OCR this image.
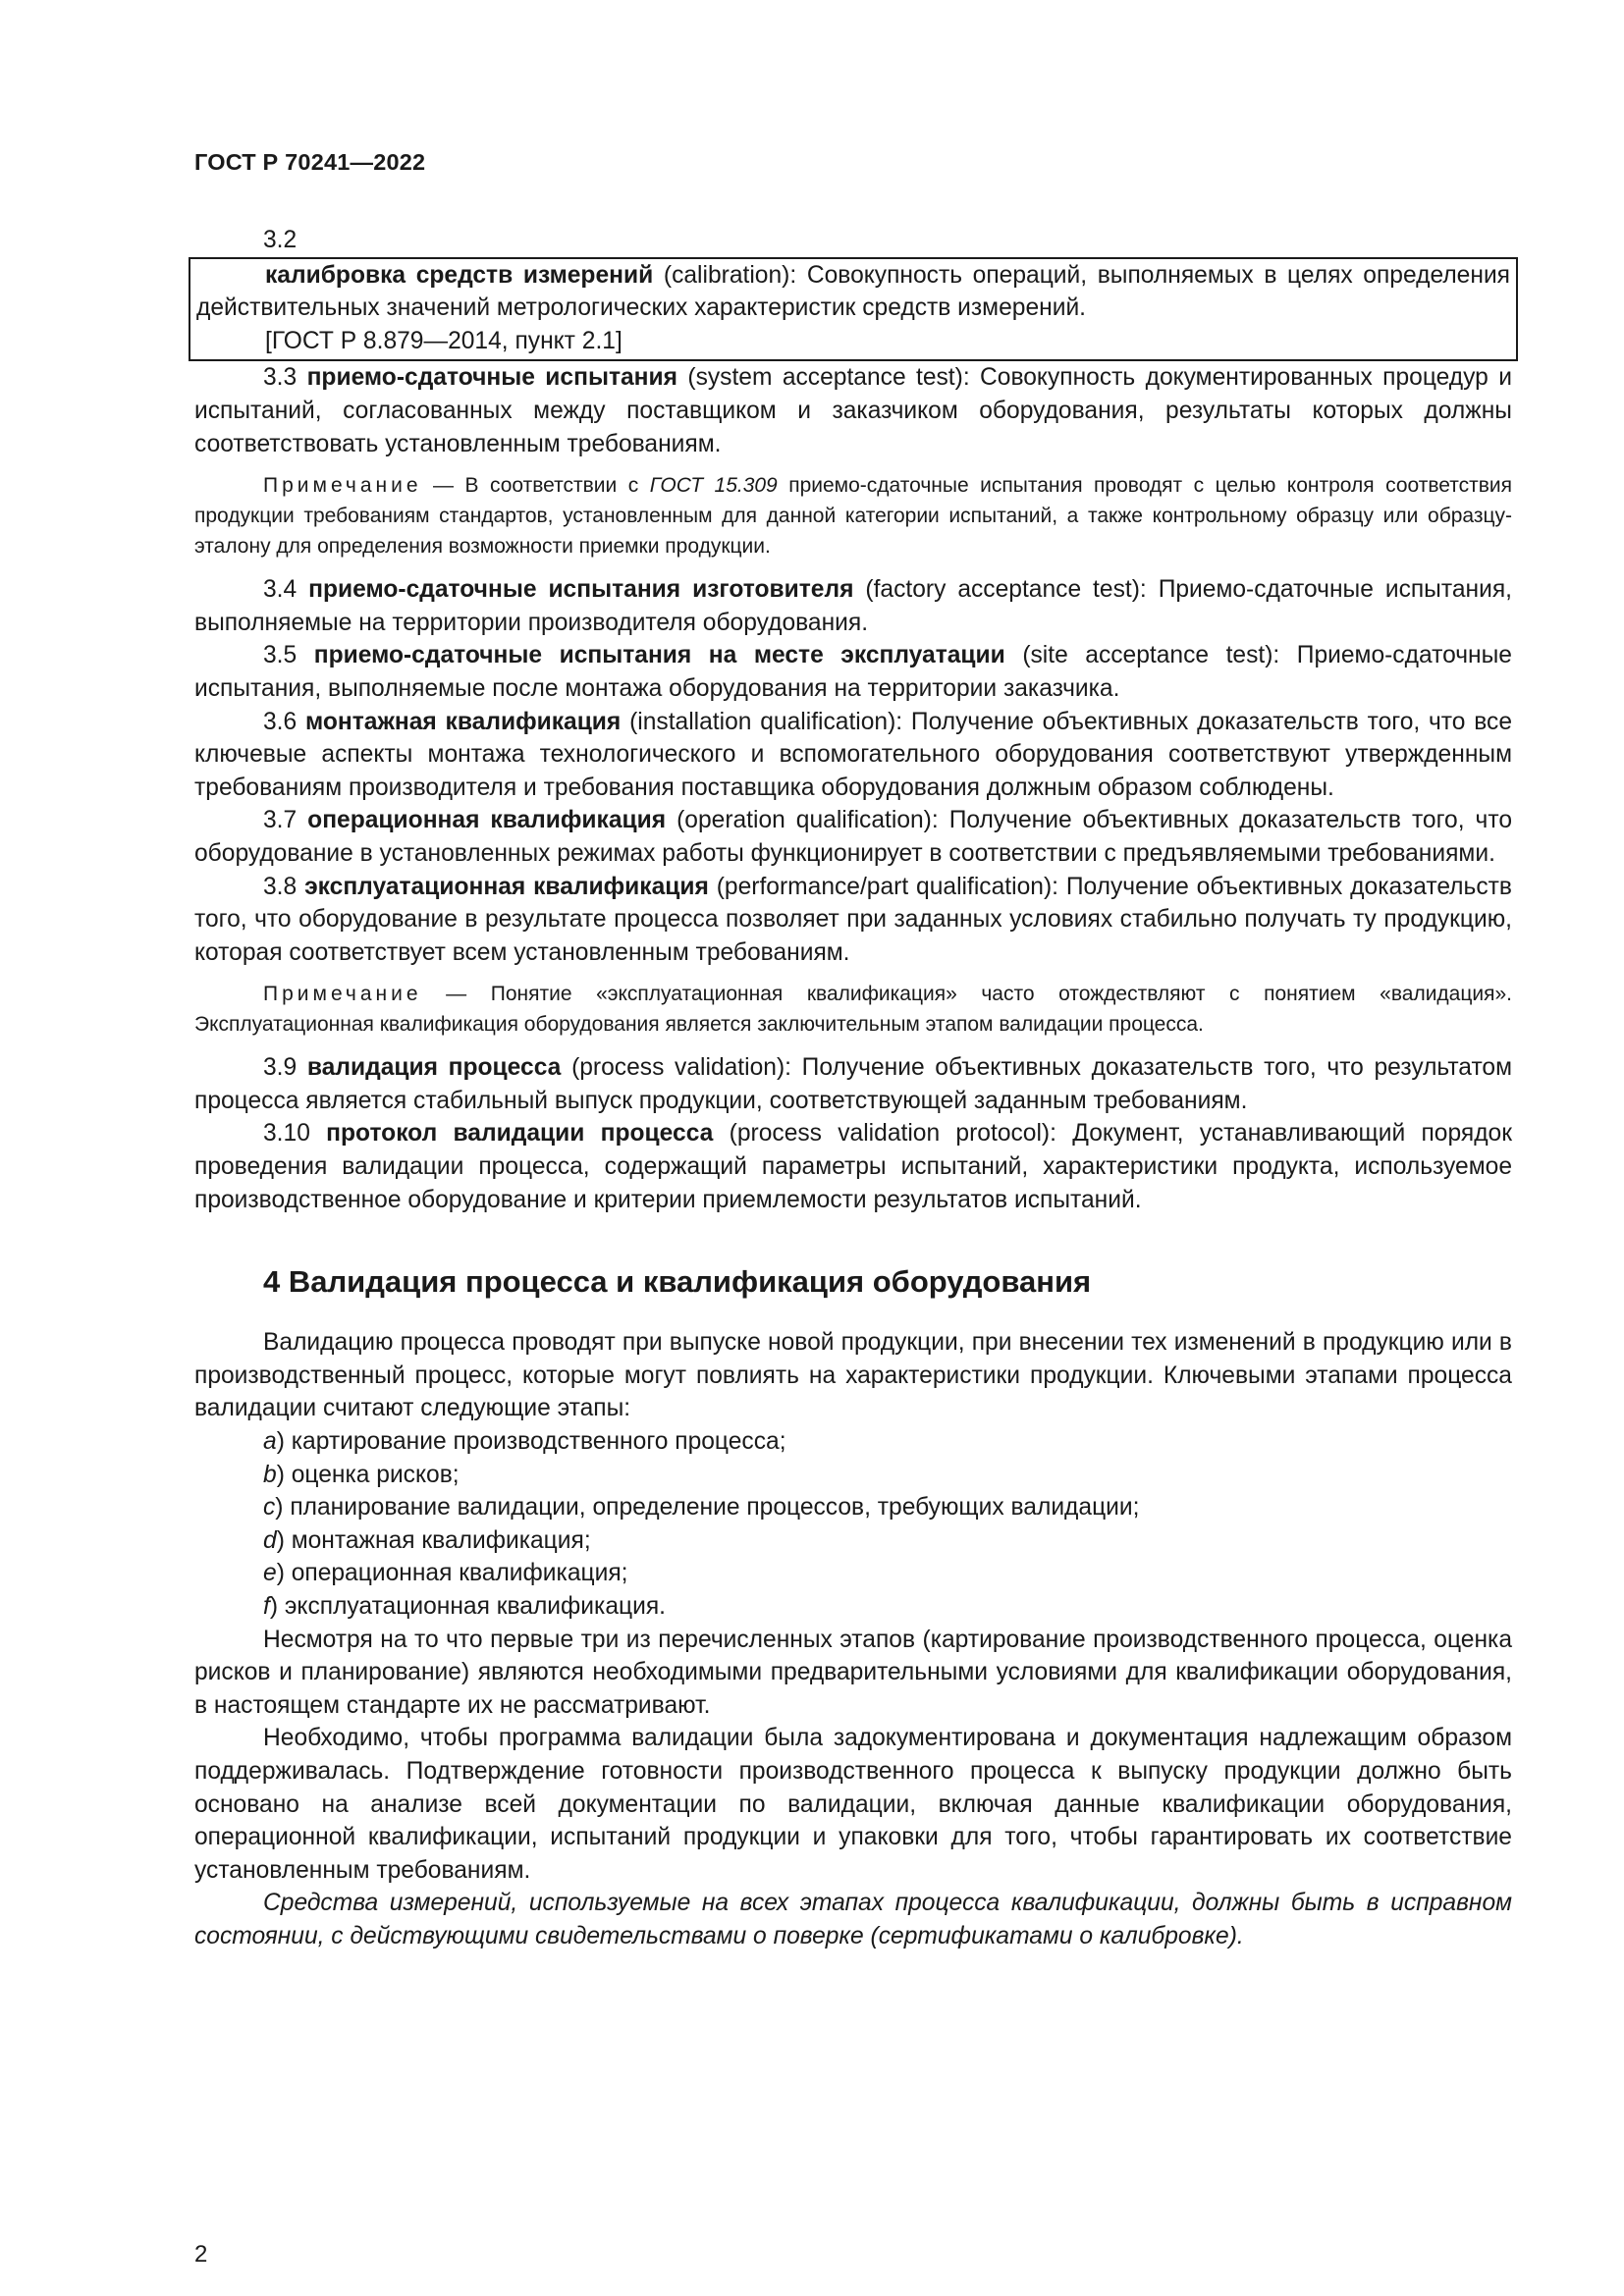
ГОСТ Р 70241—2022

3.2

калибровка средств измерений (calibration): Совокупность операций, выполняемых в целях определения действительных значений метрологических характеристик средств измерений.

[ГОСТ Р 8.879—2014, пункт 2.1]

3.3 приемо-сдаточные испытания (system acceptance test): Совокупность документированных процедур и испытаний, согласованных между поставщиком и заказчиком оборудования, результаты которых должны соответствовать установленным требованиям.

Примечание — В соответствии с ГОСТ 15.309 приемо-сдаточные испытания проводят с целью контроля соответствия продукции требованиям стандартов, установленным для данной категории испытаний, а также контрольному образцу или образцу-эталону для определения возможности приемки продукции.

3.4 приемо-сдаточные испытания изготовителя (factory acceptance test): Приемо-сдаточные испытания, выполняемые на территории производителя оборудования.

3.5 приемо-сдаточные испытания на месте эксплуатации (site acceptance test): Приемо-сдаточные испытания, выполняемые после монтажа оборудования на территории заказчика.

3.6 монтажная квалификация (installation qualification): Получение объективных доказательств того, что все ключевые аспекты монтажа технологического и вспомогательного оборудования соответствуют утвержденным требованиям производителя и требования поставщика оборудования должным образом соблюдены.

3.7 операционная квалификация (operation qualification): Получение объективных доказательств того, что оборудование в установленных режимах работы функционирует в соответствии с предъявляемыми требованиями.

3.8 эксплуатационная квалификация (performance/part qualification): Получение объективных доказательств того, что оборудование в результате процесса позволяет при заданных условиях стабильно получать ту продукцию, которая соответствует всем установленным требованиям.

Примечание — Понятие «эксплуатационная квалификация» часто отождествляют с понятием «валидация». Эксплуатационная квалификация оборудования является заключительным этапом валидации процесса.

3.9 валидация процесса (process validation): Получение объективных доказательств того, что результатом процесса является стабильный выпуск продукции, соответствующей заданным требованиям.

3.10 протокол валидации процесса (process validation protocol): Документ, устанавливающий порядок проведения валидации процесса, содержащий параметры испытаний, характеристики продукта, используемое производственное оборудование и критерии приемлемости результатов испытаний.

4 Валидация процесса и квалификация оборудования

Валидацию процесса проводят при выпуске новой продукции, при внесении тех изменений в продукцию или в производственный процесс, которые могут повлиять на характеристики продукции. Ключевыми этапами процесса валидации считают следующие этапы:

a) картирование производственного процесса;

b) оценка рисков;

c) планирование валидации, определение процессов, требующих валидации;

d) монтажная квалификация;

e) операционная квалификация;

f) эксплуатационная квалификация.

Несмотря на то что первые три из перечисленных этапов (картирование производственного процесса, оценка рисков и планирование) являются необходимыми предварительными условиями для квалификации оборудования, в настоящем стандарте их не рассматривают.

Необходимо, чтобы программа валидации была задокументирована и документация надлежащим образом поддерживалась. Подтверждение готовности производственного процесса к выпуску продукции должно быть основано на анализе всей документации по валидации, включая данные квалификации оборудования, операционной квалификации, испытаний продукции и упаковки для того, чтобы гарантировать их соответствие установленным требованиям.

Средства измерений, используемые на всех этапах процесса квалификации, должны быть в исправном состоянии, с действующими свидетельствами о поверке (сертификатами о калибровке).

2
